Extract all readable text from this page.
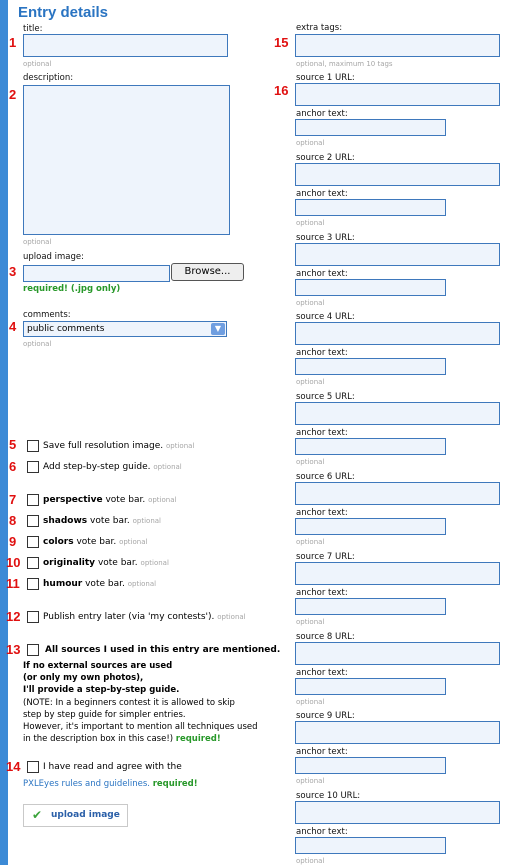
Entry details
1
title:
optional
2
description:
optional
3
upload image:
Browse...
required! (.jpg only)
4
comments:
public comments	▼
optional
5	Save full resolution image. optional
6	Add step-by-step guide. optional
7	perspective vote bar. optional
8	shadows vote bar. optional
9	colors vote bar. optional
10	originality vote bar. optional
11	humour vote bar. optional
12	Publish entry later (via 'my contests'). optional
13	All sources I used in this entry are mentioned.
If no external sources are used
(or only my own photos),
I'll provide a step-by-step guide.
(NOTE: In a beginners contest it is allowed to skip
step by step guide for simpler entries.
However, it's important to mention all techniques used
in the description box in this case!) required!
14	I have read and agree with the
PXLEyes rules and guidelines. required!
✔ upload image
15
extra tags:
optional, maximum 10 tags
16
source 1 URL:
anchor text:
optional
source 2 URL:
anchor text:
optional
source 3 URL:
anchor text:
optional
source 4 URL:
anchor text:
optional
source 5 URL:
anchor text:
optional
source 6 URL:
anchor text:
optional
source 7 URL:
anchor text:
optional
source 8 URL:
anchor text:
optional
source 9 URL:
anchor text:
optional
source 10 URL:
anchor text:
optional
